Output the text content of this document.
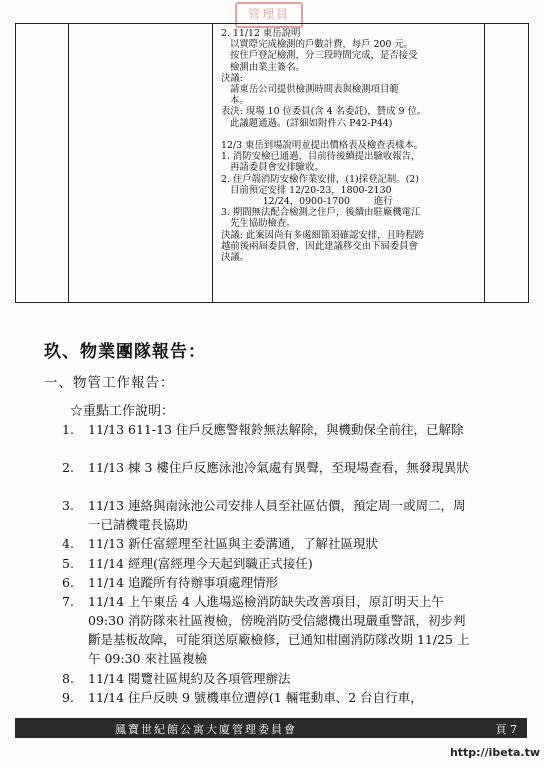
管理員
2. 11/12 東岳說明
以實際完成檢測的戶數計費，每戶 200 元。
按住戶登記檢測，分三段時間完成，是否接受
檢測由業主簽名。
決議:
請東岳公司提供檢測時間表與檢測項目範
本。
表決: 現場 10 位委員(含 4 名委託)，贊成 9 位。
此議題通過。(詳細如附件六 P42-P44)

12/3 東岳到場說明並提出價格表及檢查表樣本。
1. 消防安檢已通過，目前待後續提出驗收報告，
再請委員會安排驗收。
2. 住戶端消防安檢作業安排，(1)採登記制。(2)
目前預定安排 12/20-23，1800-2130
12/24，0900-1700        進行
3. 期間無法配合檢測之住戶，後續由駐廠機電江
先生協助檢查。
決議: 此案因尚有多處細節須確認安排，且時程跨
越前後兩屆委員會，因此建議移交由下屆委員會
決議。
玖、物業團隊報告：
一、物管工作報告：
☆重點工作說明：
1.	11/13 611-13 住戶反應警報鈴無法解除，與機動保全前往，已解除
2.	11/13 棟 3 樓住戶反應泳池冷氣處有異聲，至現場查看，無發現異狀
3.	11/13 連絡與南泳池公司安排人員至社區估價，預定周一或周二，周一已請機電長協助
4.	11/13 新任富經理至社區與主委溝通，了解社區現狀
5.	11/14 經理(富經理今天起到職正式接任)
6.	11/14 追蹤所有待辦事項處理情形
7.	11/14 上午東岳 4 人進場巡檢消防缺失改善項目，原訂明天上午 09:30 消防隊來社區複檢，傍晚消防受信總機出現嚴重警訊，初步判斷是基板故障，可能須送原廠檢修，已通知柑園消防隊改期 11/25 上午 09:30 來社區複檢
8.	11/14 閱覽社區規約及各項管理辦法
9.	11/14 住戶反映 9 號機車位遭停(1 輛電動車、2 台自行車，
鳳寶世紀館公寓大廈管理委員會	頁 7
http://ibeta.tw
